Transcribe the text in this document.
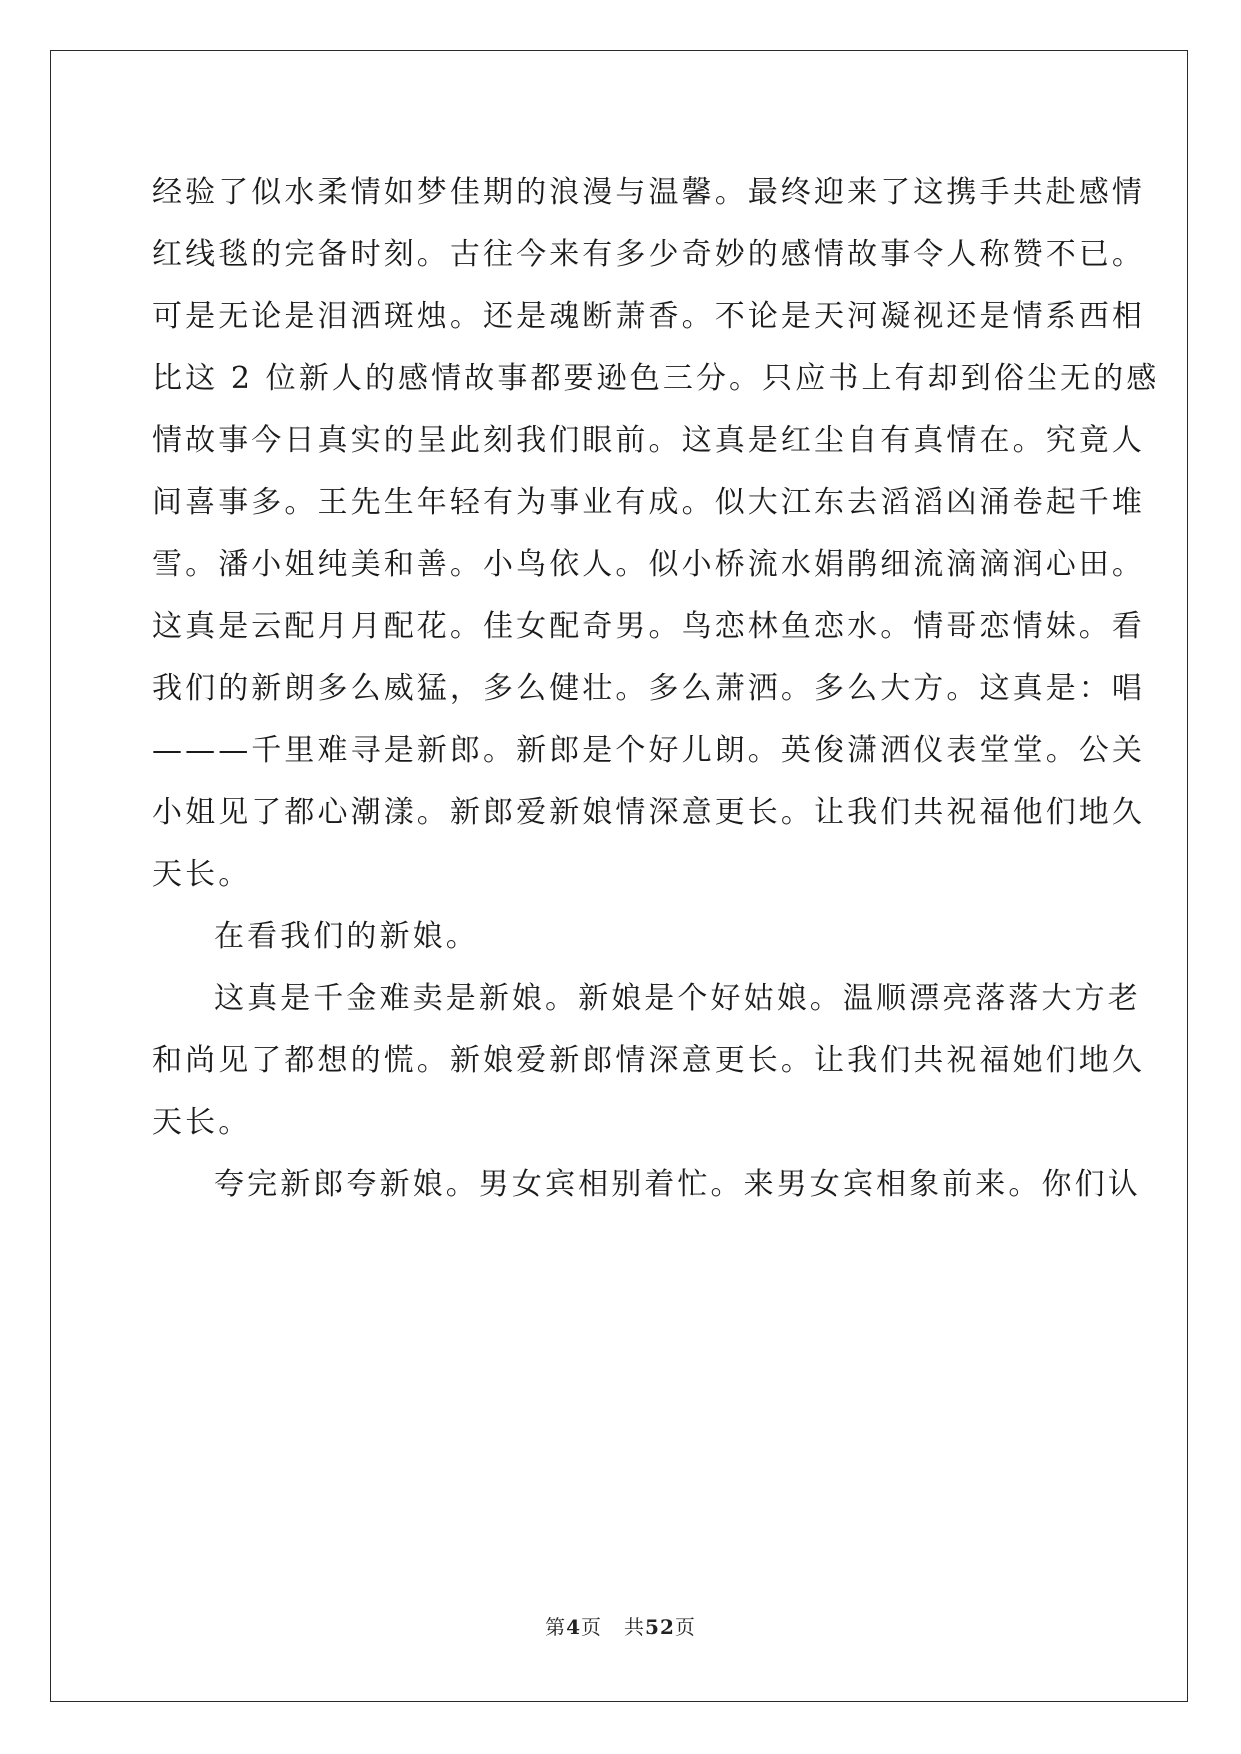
经验了似水柔情如梦佳期的浪漫与温馨。最终迎来了这携手共赴感情

红线毯的完备时刻。古往今来有多少奇妙的感情故事令人称赞不已。

可是无论是泪洒斑烛。还是魂断萧香。不论是天河凝视还是情系西相

比这 2 位新人的感情故事都要逊色三分。只应书上有却到俗尘无的感

情故事今日真实的呈此刻我们眼前。这真是红尘自有真情在。究竟人

间喜事多。王先生年轻有为事业有成。似大江东去滔滔凶涌卷起千堆

雪。潘小姐纯美和善。小鸟依人。似小桥流水娟鹃细流滴滴润心田。

这真是云配月月配花。佳女配奇男。鸟恋林鱼恋水。情哥恋情妹。看

我们的新朗多么威猛，多么健壮。多么萧洒。多么大方。这真是：唱

———千里难寻是新郎。新郎是个好儿朗。英俊潇洒仪表堂堂。公关

小姐见了都心潮漾。新郎爱新娘情深意更长。让我们共祝福他们地久

天长。

在看我们的新娘。

这真是千金难卖是新娘。新娘是个好姑娘。温顺漂亮落落大方老

和尚见了都想的慌。新娘爱新郎情深意更长。让我们共祝福她们地久

天长。

夸完新郎夸新娘。男女宾相别着忙。来男女宾相象前来。你们认

第4页 共52页
